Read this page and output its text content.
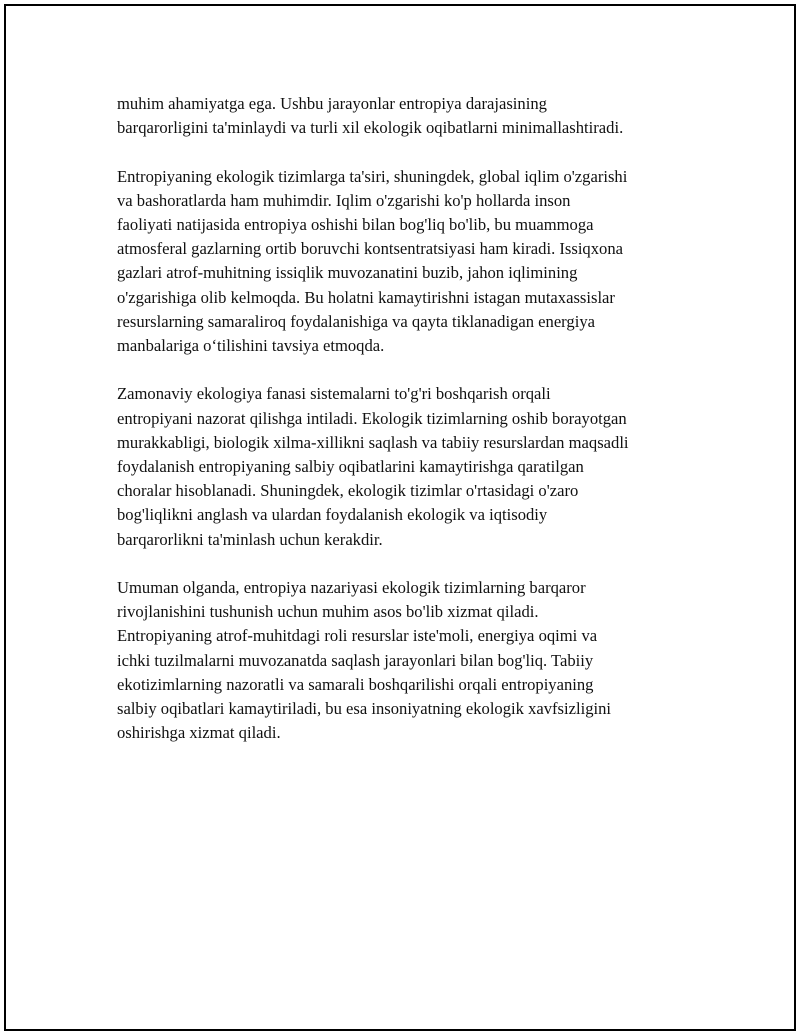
muhim ahamiyatga ega. Ushbu jarayonlar entropiya darajasining
barqarorligini ta'minlaydi va turli xil ekologik oqibatlarni minimallashtiradi.
Entropiyaning ekologik tizimlarga ta'siri, shuningdek, global iqlim o'zgarishi
va bashoratlarda ham muhimdir. Iqlim o'zgarishi ko'p hollarda inson
faoliyati natijasida entropiya oshishi bilan bog'liq bo'lib, bu muammoga
atmosferal gazlarning ortib boruvchi kontsentratsiyasi ham kiradi. Issiqxona
gazlari atrof-muhitning issiqlik muvozanatini buzib, jahon iqlimining
o'zgarishiga olib kelmoqda. Bu holatni kamaytirishni istagan mutaxassislar
resurslarning samaraliroq foydalanishiga va qayta tiklanadigan energiya
manbalariga o‘tilishini tavsiya etmoqda.
Zamonaviy ekologiya fanasi sistemalarni to'g'ri boshqarish orqali
entropiyani nazorat qilishga intiladi. Ekologik tizimlarning oshib borayotgan
murakkabligi, biologik xilma-xillikni saqlash va tabiiy resurslardan maqsadli
foydalanish entropiyaning salbiy oqibatlarini kamaytirishga qaratilgan
choralar hisoblanadi. Shuningdek, ekologik tizimlar o'rtasidagi o'zaro
bog'liqlikni anglash va ulardan foydalanish ekologik va iqtisodiy
barqarorlikni ta'minlash uchun kerakdir.
Umuman olganda, entropiya nazariyasi ekologik tizimlarning barqaror
rivojlanishini tushunish uchun muhim asos bo'lib xizmat qiladi.
Entropiyaning atrof-muhitdagi roli resurslar iste'moli, energiya oqimi va
ichki tuzilmalarni muvozanatda saqlash jarayonlari bilan bog'liq. Tabiiy
ekotizimlarning nazoratli va samarali boshqarilishi orqali entropiyaning
salbiy oqibatlari kamaytiriladi, bu esa insoniyatning ekologik xavfsizligini
oshirishga xizmat qiladi.
